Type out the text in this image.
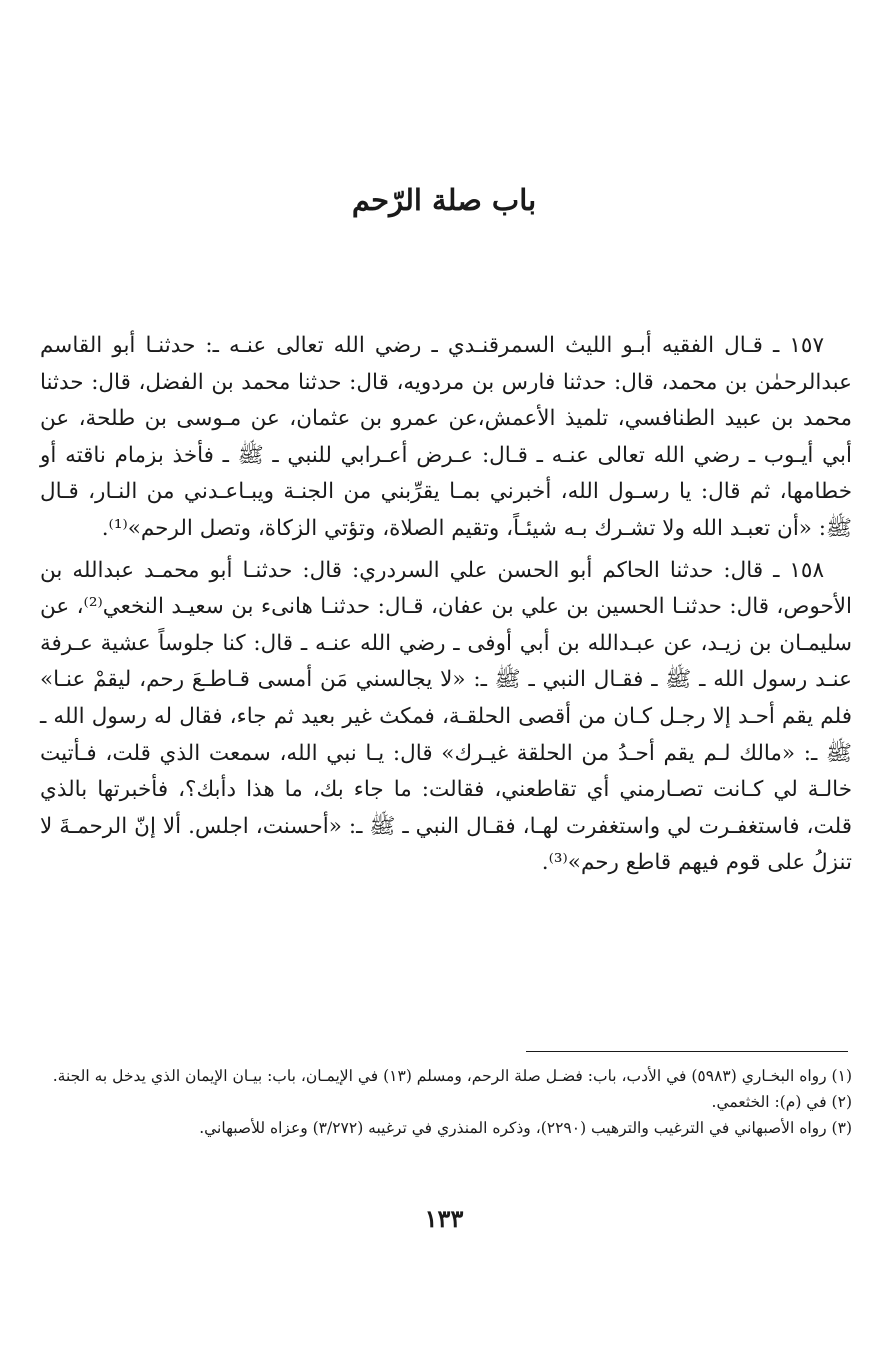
باب صلة الرّحم

١٥٧ ـ قـال الفقيه أبـو الليث السمرقنـدي ـ رضي الله تعالى عنـه ـ: حدثنـا أبو القاسم عبدالرحمٰن بن محمد، قال: حدثنا فارس بن مردويه، قال: حدثنا محمد بن الفضل، قال: حدثنا محمد بن عبيد الطنافسي، تلميذ الأعمش،عن عمرو بن عثمان، عن مـوسى بن طلحة، عن أبي أيـوب ـ رضي الله تعالى عنـه ـ قـال: عـرض أعـرابي للنبي ـ ﷺ ـ فأخذ بزمام ناقته أو خطامها، ثم قال: يا رسـول الله، أخبرني بمـا يقرِّبني من الجنـة ويبـاعـدني من النـار، قـال ﷺ: «أن تعبـد الله ولا تشـرك بـه شيئـاً، وتقيم الصلاة، وتؤتي الزكاة، وتصل الرحم»⁽¹⁾.

١٥٨ ـ قال: حدثنا الحاكم أبو الحسن علي السردري: قال: حدثنـا أبو محمـد عبدالله بن الأحوص، قال: حدثنـا الحسين بن علي بن عفان، قـال: حدثنـا هانىء بن سعيـد النخعي⁽²⁾، عن سليمـان بن زيـد، عن عبـدالله بن أبي أوفى ـ رضي الله عنـه ـ قال: كنا جلوساً عشية عـرفة عنـد رسول الله ـ ﷺ ـ فقـال النبي ـ ﷺ ـ: «لا يجالسني مَن أمسى قـاطـعَ رحم، ليقمْ عنـا» فلم يقم أحـد إلا رجـل كـان من أقصى الحلقـة، فمكث غير بعيد ثم جاء، فقال له رسول الله ـ ﷺ ـ: «مالك لـم يقم أحـدُ من الحلقة غيـرك» قال: يـا نبي الله، سمعت الذي قلت، فـأتيت خالـة لي كـانت تصـارمني أي تقاطعني، فقالت: ما جاء بك، ما هذا دأبك؟، فأخبرتها بالذي قلت، فاستغفـرت لي واستغفرت لهـا، فقـال النبي ـ ﷺ ـ: «أحسنت، اجلس. ألا إنّ الرحمـةَ لا تنزلُ على قوم فيهم قاطع رحم»⁽³⁾.

(١) رواه البخـاري (٥٩٨٣) في الأدب، باب: فضـل صلة الرحم، ومسلم (١٣) في الإيمـان، باب: بيـان الإيمان الذي يدخل به الجنة.

(٢) في (م): الخثعمي.

(٣) رواه الأصبهاني في الترغيب والترهيب (٢٢٩٠)، وذكره المنذري في ترغيبه (٣/٢٧٢) وعزاه للأصبهاني.

١٣٣
